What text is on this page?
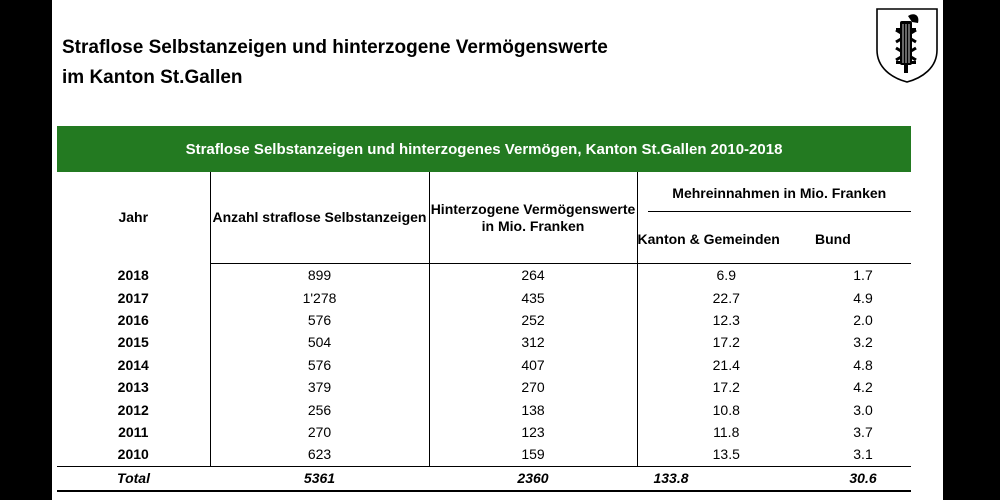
Straflose Selbstanzeigen und hinterzogene Vermögenswerte
im Kanton St.Gallen
Straflose Selbstanzeigen und hinterzogenes Vermögen, Kanton St.Gallen 2010-2018
Jahr	Anzahl straflose Selbstanzeigen	Hinterzogene Vermögenswerte in Mio. Franken	Mehreinnahmen in Mio. Franken	

			Kanton & Gemeinden	Bund
2018	899	264	6.9	1.7
2017	1'278	435	22.7	4.9
2016	576	252	12.3	2.0
2015	504	312	17.2	3.2
2014	576	407	21.4	4.8
2013	379	270	17.2	4.2
2012	256	138	10.8	3.0
2011	270	123	11.8	3.7
2010	623	159	13.5	3.1
Total	5361	2360	133.8	30.6
